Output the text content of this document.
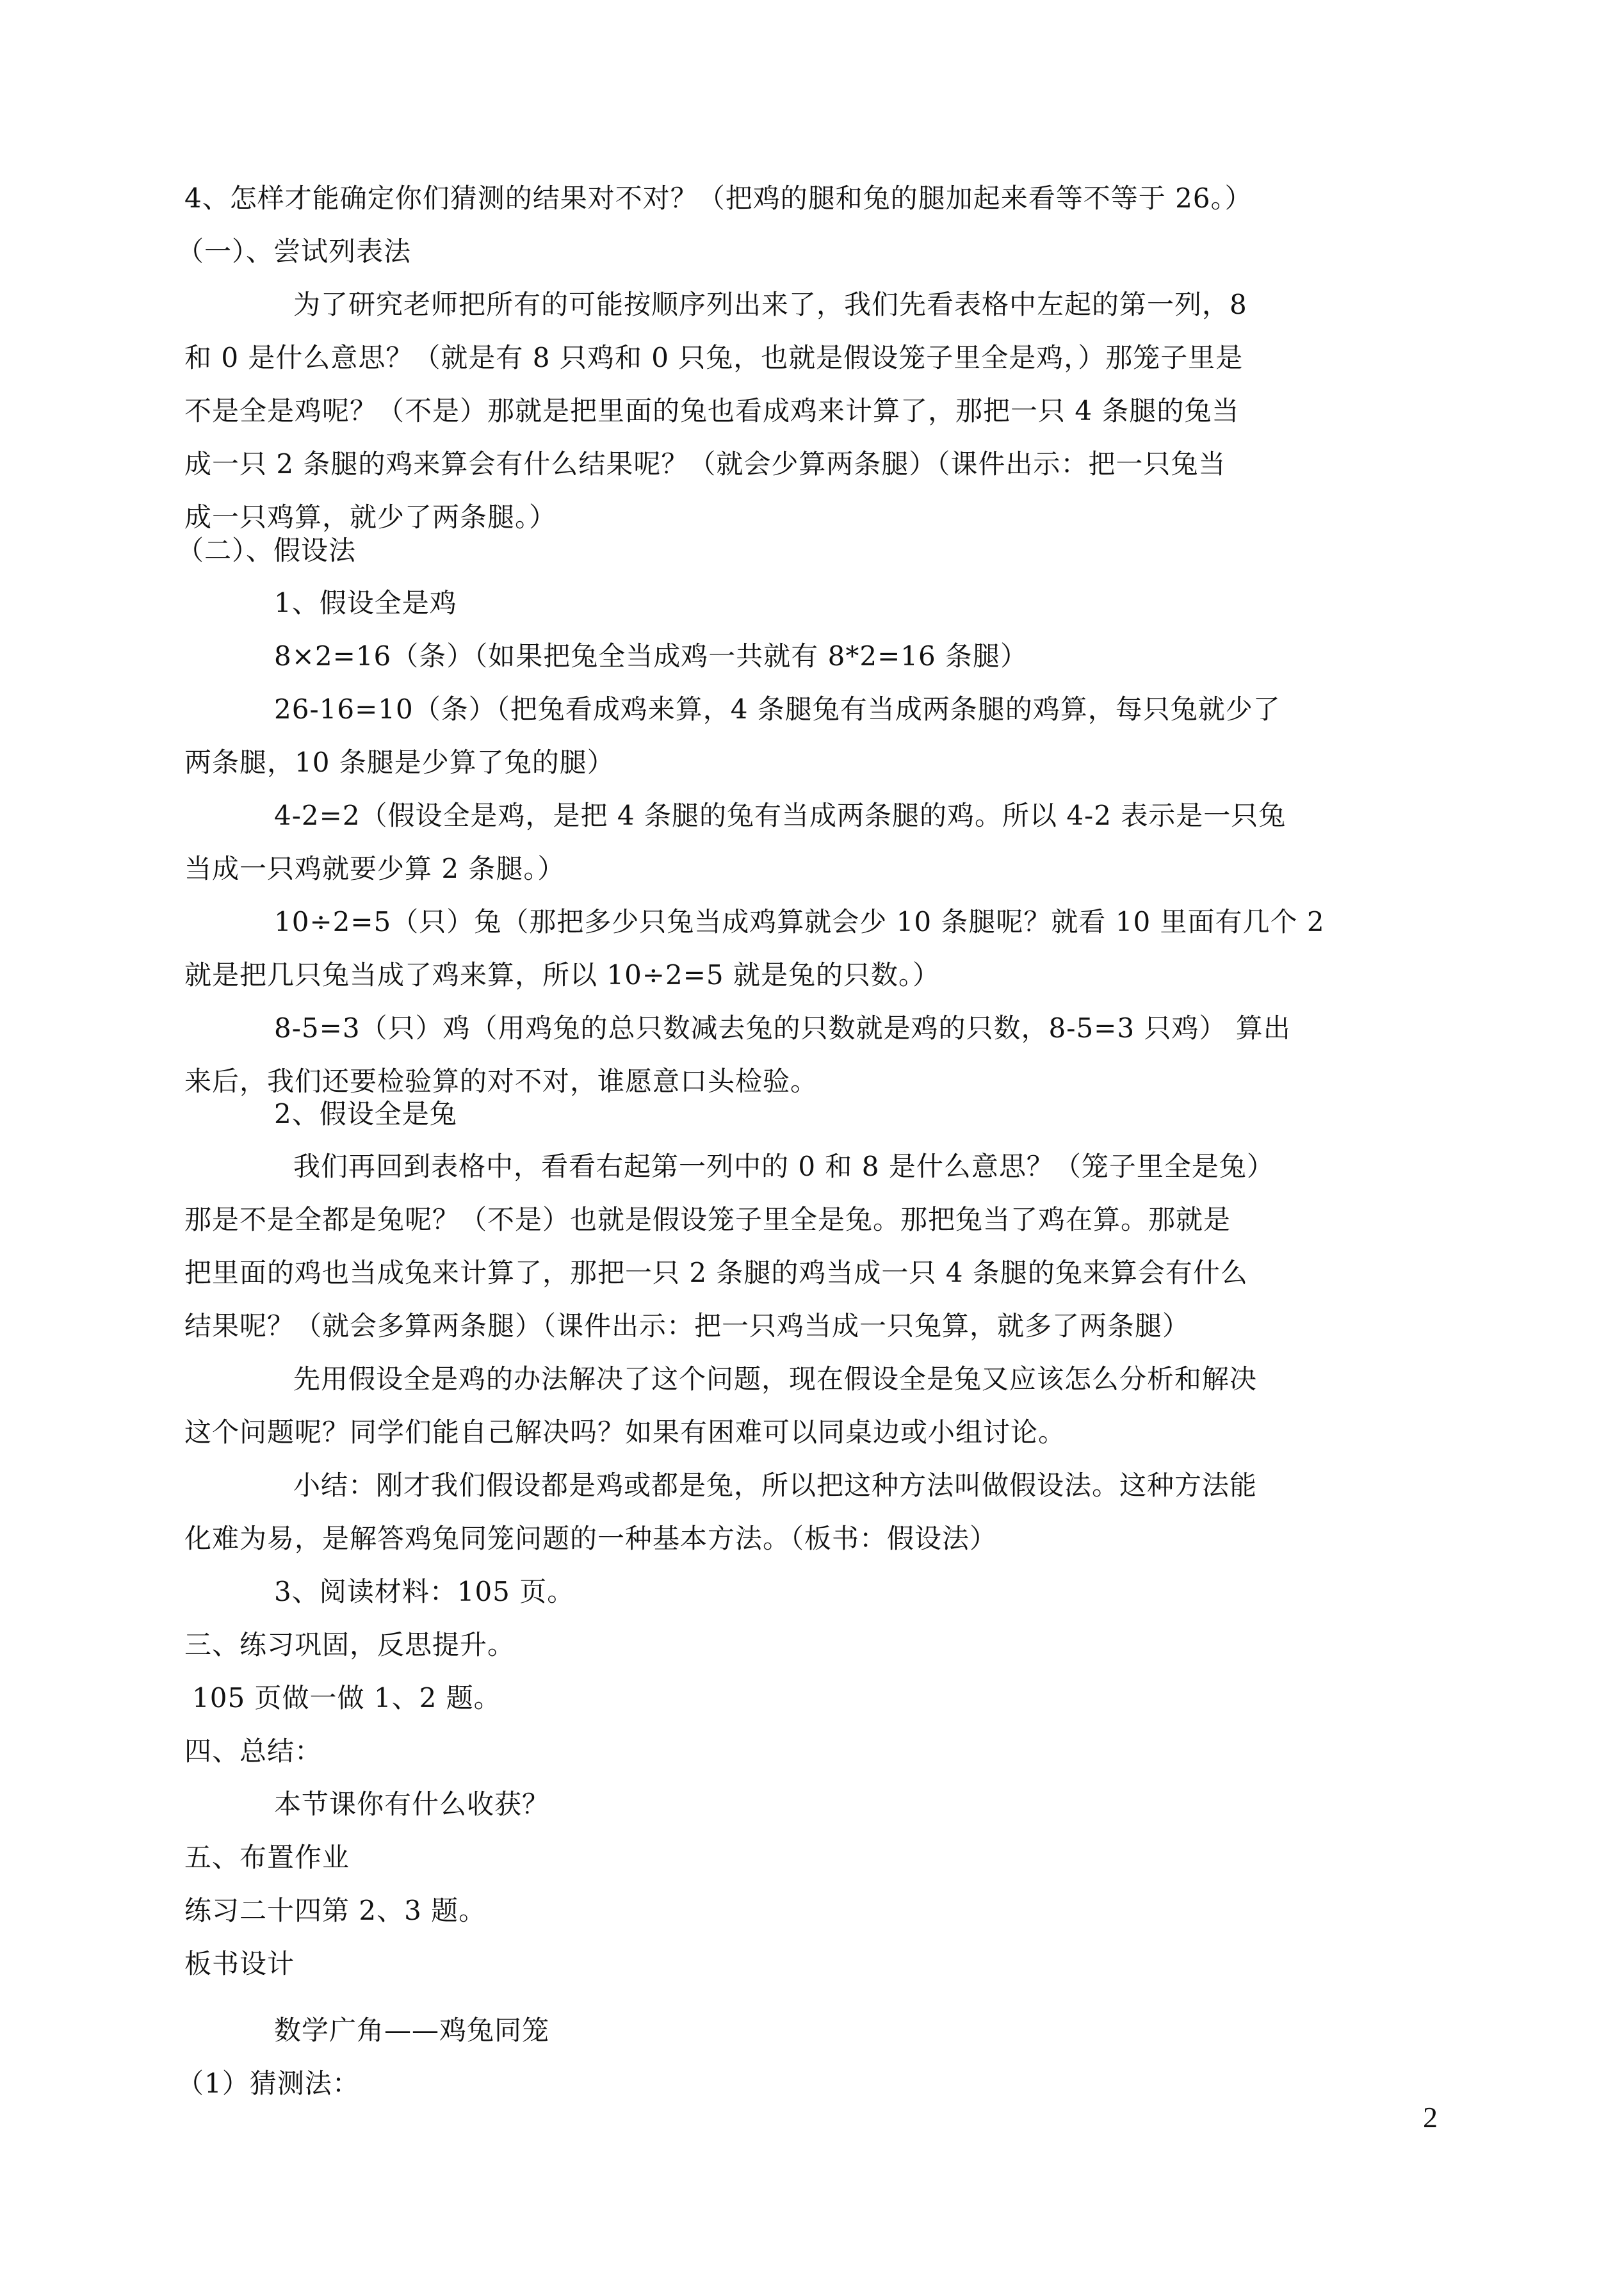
4、怎样才能确定你们猜测的结果对不对？（把鸡的腿和兔的腿加起来看等不等于 26。）
（一）、尝试列表法
为了研究老师把所有的可能按顺序列出来了，我们先看表格中左起的第一列，8
和 0 是什么意思？（就是有 8 只鸡和 0 只兔，也就是假设笼子里全是鸡，）那笼子里是
不是全是鸡呢？（不是）那就是把里面的兔也看成鸡来计算了，那把一只 4 条腿的兔当
成一只 2 条腿的鸡来算会有什么结果呢？（就会少算两条腿）（课件出示：把一只兔当
成一只鸡算，就少了两条腿。）
（二）、假设法
1、假设全是鸡
8×2=16（条）（如果把兔全当成鸡一共就有 8*2=16 条腿）
26-16=10（条）（把兔看成鸡来算，4 条腿兔有当成两条腿的鸡算，每只兔就少了
两条腿，10 条腿是少算了兔的腿）
4-2=2（假设全是鸡，是把 4 条腿的兔有当成两条腿的鸡。所以 4-2 表示是一只兔
当成一只鸡就要少算 2 条腿。）
10÷2=5（只）兔（那把多少只兔当成鸡算就会少 10 条腿呢？就看 10 里面有几个 2
就是把几只兔当成了鸡来算，所以 10÷2=5 就是兔的只数。）
8-5=3（只）鸡（用鸡兔的总只数减去兔的只数就是鸡的只数，8-5=3 只鸡） 算出
来后，我们还要检验算的对不对，谁愿意口头检验。
2、假设全是兔
我们再回到表格中，看看右起第一列中的 0 和 8 是什么意思？（笼子里全是兔）
那是不是全都是兔呢？（不是）也就是假设笼子里全是兔。那把兔当了鸡在算。那就是
把里面的鸡也当成兔来计算了，那把一只 2 条腿的鸡当成一只 4 条腿的兔来算会有什么
结果呢？（就会多算两条腿）（课件出示：把一只鸡当成一只兔算，就多了两条腿）
先用假设全是鸡的办法解决了这个问题，现在假设全是兔又应该怎么分析和解决
这个问题呢？同学们能自己解决吗？如果有困难可以同桌边或小组讨论。
小结：刚才我们假设都是鸡或都是兔，所以把这种方法叫做假设法。这种方法能
化难为易，是解答鸡兔同笼问题的一种基本方法。（板书：假设法）
3、阅读材料：105 页。
三、练习巩固，反思提升。
105 页做一做 1、2 题。
四、总结：
本节课你有什么收获？
五、布置作业
练习二十四第 2、3 题。
板书设计
数学广角——鸡兔同笼
（1）猜测法：
2
